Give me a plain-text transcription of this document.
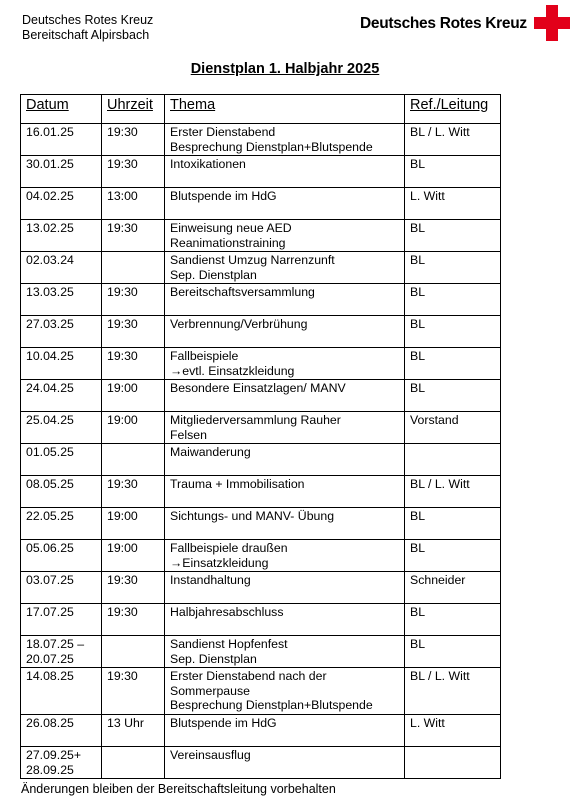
Deutsches Rotes Kreuz
Bereitschaft Alpirsbach
Deutsches Rotes Kreuz
Dienstplan 1. Halbjahr 2025
Datum	Uhrzeit	Thema	Ref./Leitung

16.01.25	19:30	Erster Dienstabend
Besprechung Dienstplan+Blutspende	BL / L. Witt

30.01.25	19:30	Intoxikationen	BL

04.02.25	13:00	Blutspende im HdG	L. Witt

13.02.25	19:30	Einweisung neue AED
Reanimationstraining	BL

02.03.24		Sandienst Umzug Narrenzunft
Sep. Dienstplan	BL

13.03.25	19:30	Bereitschaftsversammlung	BL

27.03.25	19:30	Verbrennung/Verbrühung	BL

10.04.25	19:30	Fallbeispiele
→evtl. Einsatzkleidung	BL

24.04.25	19:00	Besondere Einsatzlagen/ MANV	BL

25.04.25	19:00	Mitgliederversammlung Rauher
Felsen	Vorstand

01.05.25		Maiwanderung	

08.05.25	19:30	Trauma + Immobilisation	BL / L. Witt

22.05.25	19:00	Sichtungs- und MANV- Übung	BL

05.06.25	19:00	Fallbeispiele draußen
→Einsatzkleidung	BL

03.07.25	19:30	Instandhaltung	Schneider

17.07.25	19:30	Halbjahresabschluss	BL

18.07.25 –
20.07.25		Sandienst Hopfenfest
Sep. Dienstplan	BL

14.08.25	19:30	Erster Dienstabend nach der
Sommerpause
Besprechung Dienstplan+Blutspende	BL / L. Witt

26.08.25	13 Uhr	Blutspende im HdG	L. Witt

27.09.25+
28.09.25		Vereinsausflug	

Änderungen bleiben der Bereitschaftsleitung vorbehalten
